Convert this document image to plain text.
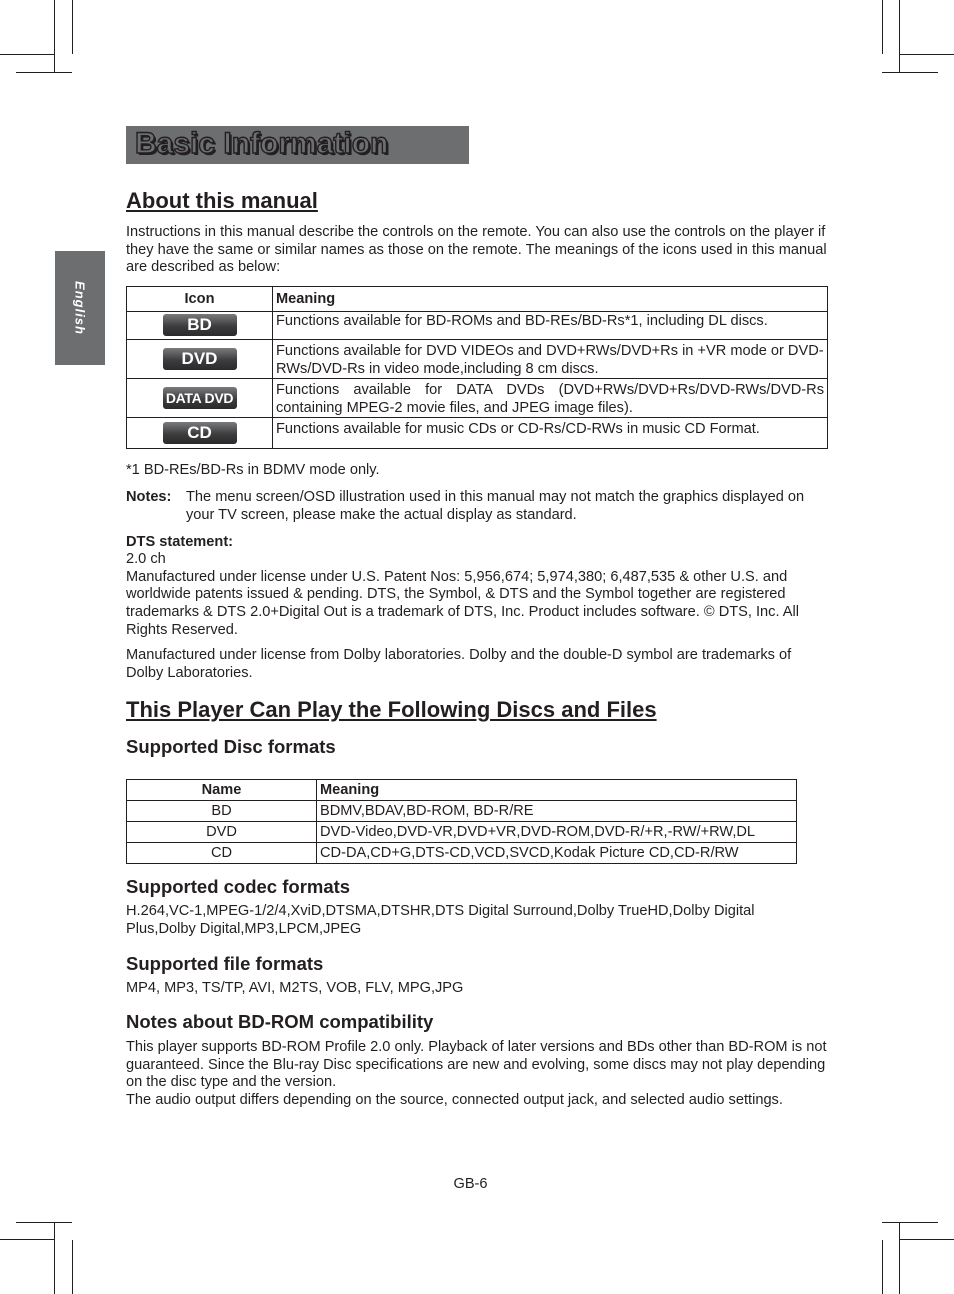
English
Basic Information
About this manual

Instructions in this manual describe the controls on the remote. You can also use the controls on the player if they have the same or similar names as those on the remote. The meanings of the icons used in this manual are described as below:

Icon	Meaning
BD	Functions available for BD-ROMs and BD-REs/BD-Rs*1, including DL discs.
DVD	Functions available for DVD VIDEOs and DVD+RWs/DVD+Rs in +VR mode or DVD-RWs/DVD-Rs in video mode,including 8 cm discs.
DATA DVD	Functions available for DATA DVDs (DVD+RWs/DVD+Rs/DVD-RWs/DVD-Rs containing MPEG-2 movie files, and JPEG image files).
CD	Functions available for music CDs or CD-Rs/CD-RWs in music CD Format.

*1 BD-REs/BD-Rs in BDMV mode only.

Notes: The menu screen/OSD illustration used in this manual may not match the graphics displayed on your TV screen, please make the actual display as standard.

DTS statement:

2.0 ch

Manufactured under license under U.S. Patent Nos: 5,956,674; 5,974,380; 6,487,535 & other U.S. and worldwide patents issued & pending. DTS, the Symbol, & DTS and the Symbol together are registered trademarks & DTS 2.0+Digital Out is a trademark of DTS, Inc. Product includes software. © DTS, Inc. All Rights Reserved.

Manufactured under license from Dolby laboratories. Dolby and the double-D symbol are trademarks of Dolby Laboratories.

This Player Can Play the Following Discs and Files
Supported Disc formats
Name	Meaning
BD	BDMV,BDAV,BD-ROM, BD-R/RE
DVD	DVD-Video,DVD-VR,DVD+VR,DVD-ROM,DVD-R/+R,-RW/+RW,DL
CD	CD-DA,CD+G,DTS-CD,VCD,SVCD,Kodak Picture CD,CD-R/RW
Supported codec formats

H.264,VC-1,MPEG-1/2/4,XviD,DTSMA,DTSHR,DTS Digital Surround,Dolby TrueHD,Dolby Digital Plus,Dolby Digital,MP3,LPCM,JPEG

Supported file formats

MP4, MP3, TS/TP, AVI, M2TS, VOB, FLV, MPG,JPG

Notes about BD-ROM compatibility

This player supports BD-ROM Profile 2.0 only. Playback of later versions and BDs other than BD-ROM is not guaranteed. Since the Blu-ray Disc specifications are new and evolving, some discs may not play depending on the disc type and the version.

The audio output differs depending on the source, connected output jack, and selected audio settings.

GB-6
